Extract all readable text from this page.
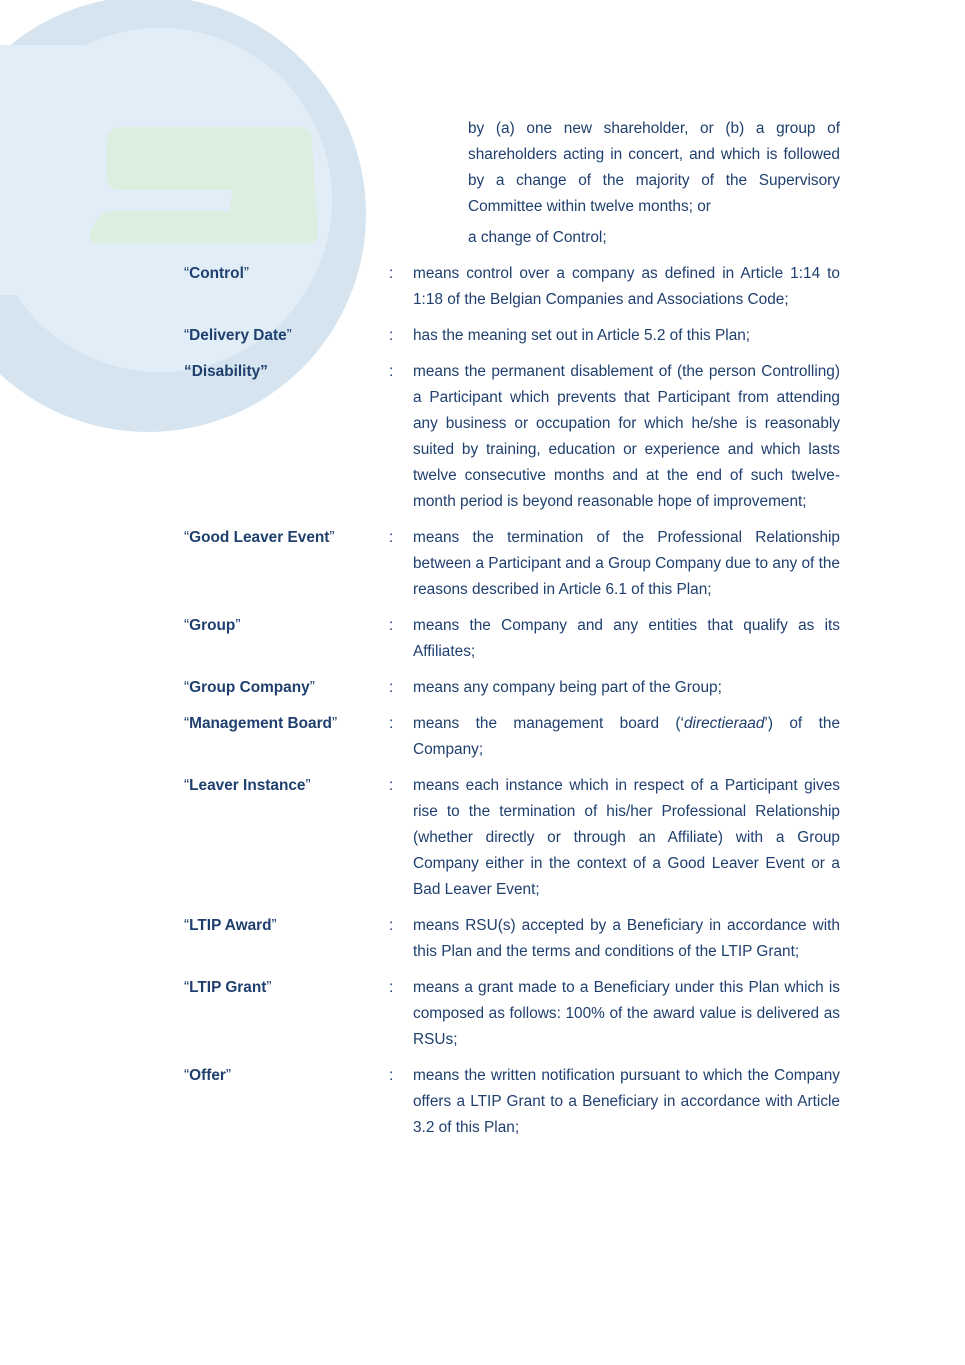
by (a) one new shareholder, or (b) a group of shareholders acting in concert, and which is followed by a change of the majority of the Supervisory Committee within twelve months; or

a change of Control;

“Control”	:	means control over a company as defined in Article 1:14 to 1:18 of the Belgian Companies and Associations Code;
“Delivery Date”	:	has the meaning set out in Article 5.2 of this Plan;
“Disability”	:	means the permanent disablement of (the person Controlling) a Participant which prevents that Participant from attending any business or occupation for which he/she is reasonably suited by training, education or experience and which lasts twelve consecutive months and at the end of such twelve-month period is beyond reasonable hope of improvement;
“Good Leaver Event”	:	means the termination of the Professional Relationship between a Participant and a Group Company due to any of the reasons described in Article 6.1 of this Plan;
“Group”	:	means the Company and any entities that qualify as its Affiliates;
“Group Company”	:	means any company being part of the Group;
“Management Board”	:	means the management board (‘directieraad’) of the Company;
“Leaver Instance”	:	means each instance which in respect of a Participant gives rise to the termination of his/her Professional Relationship (whether directly or through an Affiliate) with a Group Company either in the context of a Good Leaver Event or a Bad Leaver Event;
“LTIP Award”	:	means RSU(s) accepted by a Beneficiary in accordance with this Plan and the terms and conditions of the LTIP Grant;
“LTIP Grant”	:	means a grant made to a Beneficiary under this Plan which is composed as follows: 100% of the award value is delivered as RSUs;
“Offer”	:	means the written notification pursuant to which the Company offers a LTIP Grant to a Beneficiary in accordance with Article 3.2 of this Plan;
